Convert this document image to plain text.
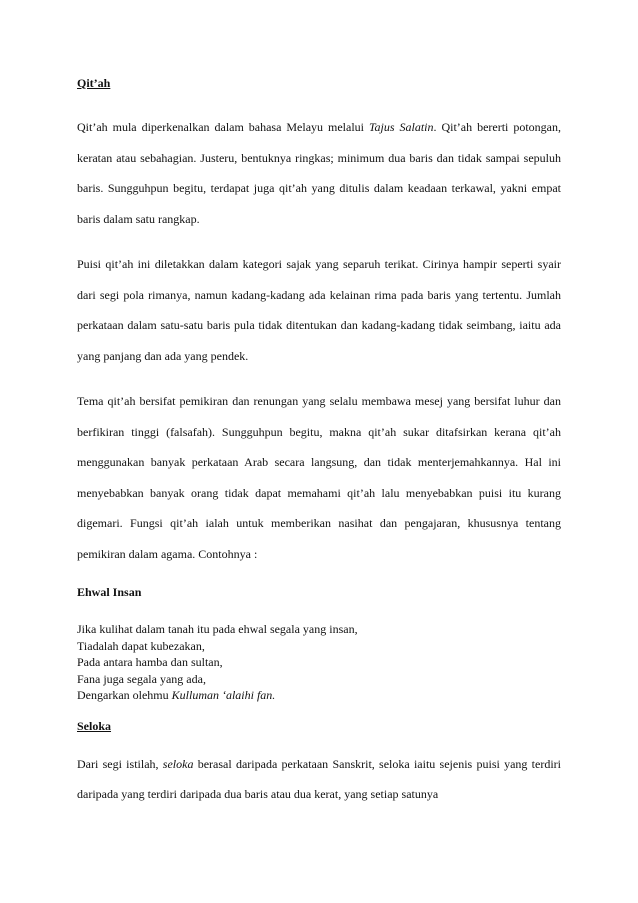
Qit’ah

Qit’ah mula diperkenalkan dalam bahasa Melayu melalui Tajus Salatin. Qit’ah bererti potongan, keratan atau sebahagian. Justeru, bentuknya ringkas; minimum dua baris dan tidak sampai sepuluh baris. Sungguhpun begitu, terdapat juga qit’ah yang ditulis dalam keadaan terkawal, yakni empat baris dalam satu rangkap.

Puisi qit’ah ini diletakkan dalam kategori sajak yang separuh terikat. Cirinya hampir seperti syair dari segi pola rimanya, namun kadang-kadang ada kelainan rima pada baris yang tertentu. Jumlah perkataan dalam satu-satu baris pula tidak ditentukan dan kadang-kadang tidak seimbang, iaitu ada yang panjang dan ada yang pendek.

Tema qit’ah bersifat pemikiran dan renungan yang selalu membawa mesej yang bersifat luhur dan berfikiran tinggi (falsafah). Sungguhpun begitu, makna qit’ah sukar ditafsirkan kerana qit’ah menggunakan banyak perkataan Arab secara langsung, dan tidak menterjemahkannya. Hal ini menyebabkan banyak orang tidak dapat memahami qit’ah lalu menyebabkan puisi itu kurang digemari. Fungsi qit’ah ialah untuk memberikan nasihat dan pengajaran, khususnya tentang pemikiran dalam agama. Contohnya :

Ehwal Insan
Jika kulihat dalam tanah itu pada ehwal segala yang insan,
Tiadalah dapat kubezakan,
Pada antara hamba dan sultan,
Fana juga segala yang ada,
Dengarkan olehmu Kulluman ‘alaihi fan.
Seloka

Dari segi istilah, seloka berasal daripada perkataan Sanskrit, seloka iaitu sejenis puisi yang terdiri daripada yang terdiri daripada dua baris atau dua kerat, yang setiap satunya
